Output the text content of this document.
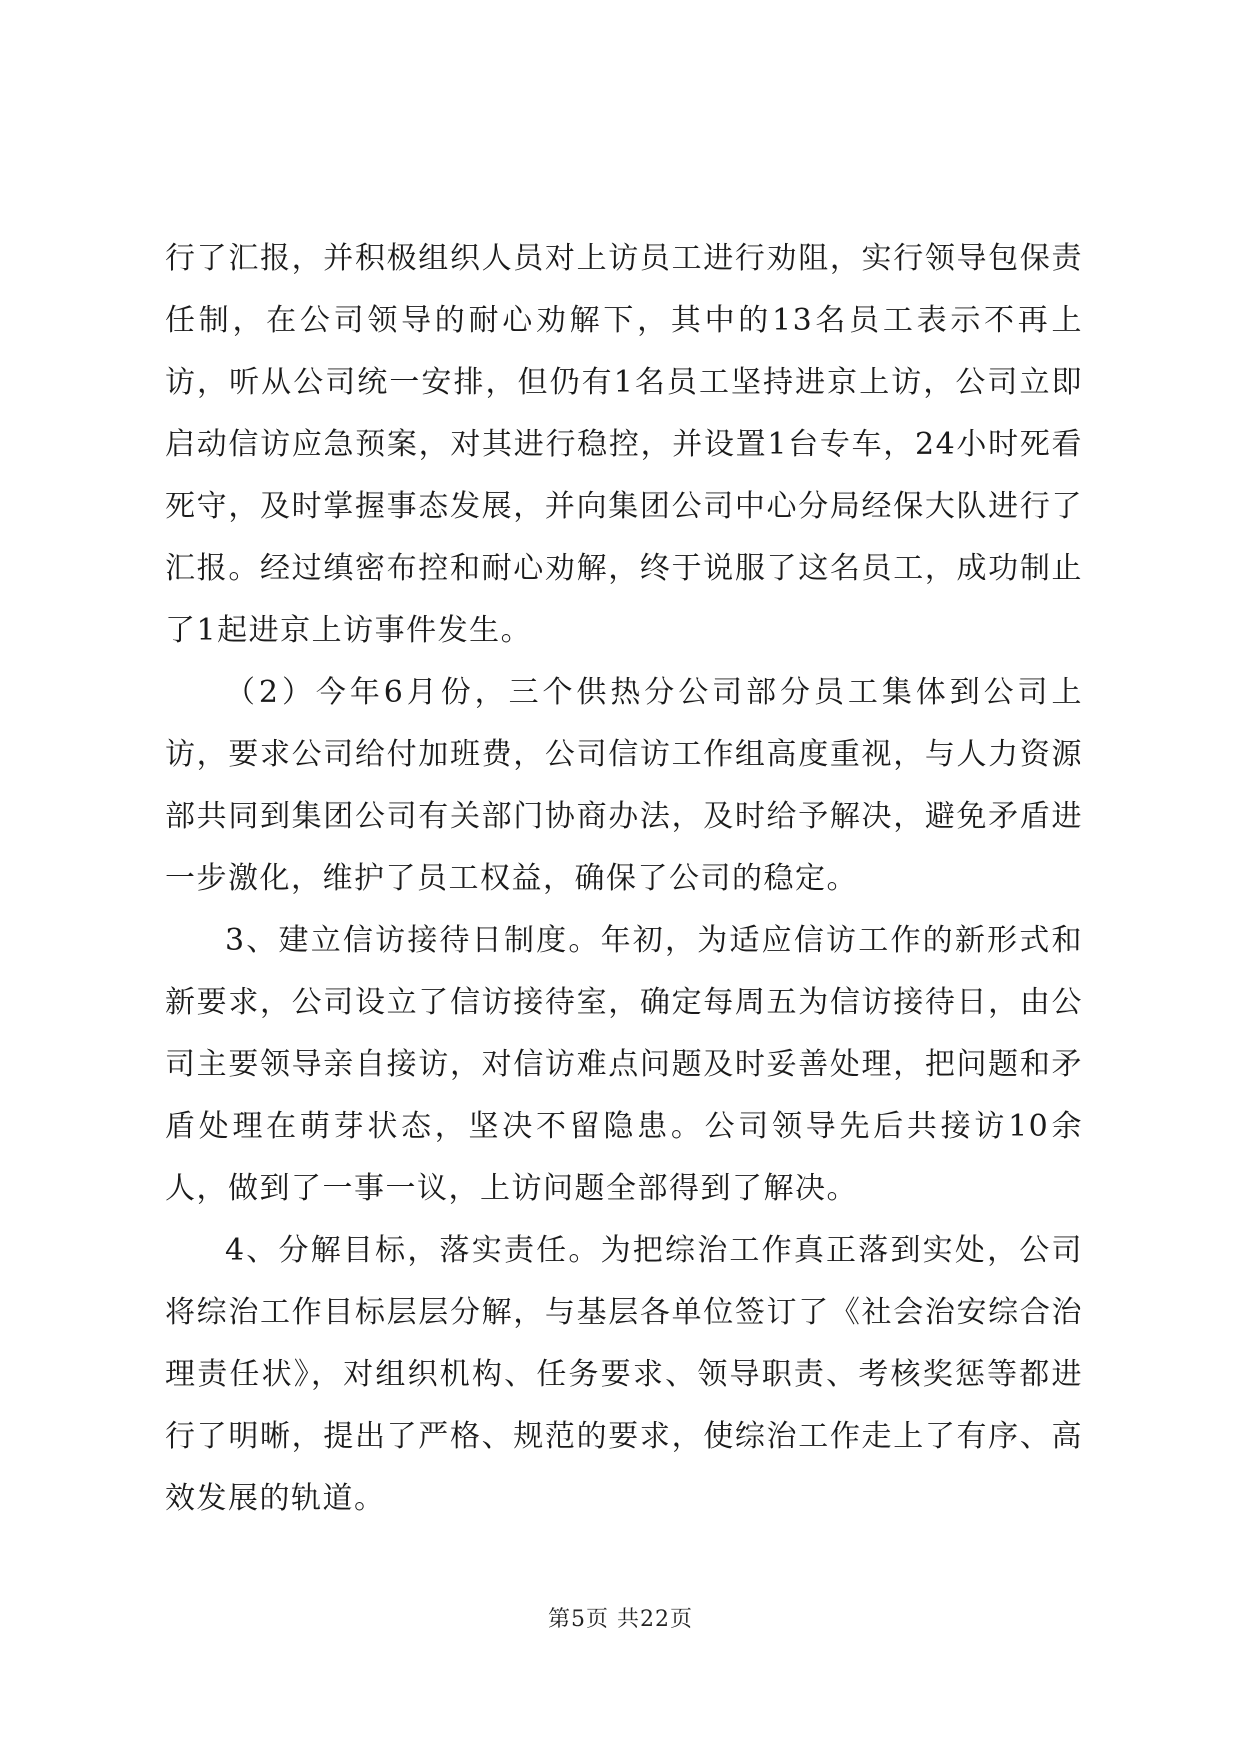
行了汇报，并积极组织人员对上访员工进行劝阻，实行领导包保责任制，在公司领导的耐心劝解下，其中的13名员工表示不再上访，听从公司统一安排，但仍有1名员工坚持进京上访，公司立即启动信访应急预案，对其进行稳控，并设置1台专车，24小时死看死守，及时掌握事态发展，并向集团公司中心分局经保大队进行了汇报。经过缜密布控和耐心劝解，终于说服了这名员工，成功制止了1起进京上访事件发生。

（2）今年6月份，三个供热分公司部分员工集体到公司上访，要求公司给付加班费，公司信访工作组高度重视，与人力资源部共同到集团公司有关部门协商办法，及时给予解决，避免矛盾进一步激化，维护了员工权益，确保了公司的稳定。

3、建立信访接待日制度。年初，为适应信访工作的新形式和新要求，公司设立了信访接待室，确定每周五为信访接待日，由公司主要领导亲自接访，对信访难点问题及时妥善处理，把问题和矛盾处理在萌芽状态，坚决不留隐患。公司领导先后共接访10余人，做到了一事一议，上访问题全部得到了解决。

4、分解目标，落实责任。为把综治工作真正落到实处，公司将综治工作目标层层分解，与基层各单位签订了《社会治安综合治理责任状》，对组织机构、任务要求、领导职责、考核奖惩等都进行了明晰，提出了严格、规范的要求，使综治工作走上了有序、高效发展的轨道。

第5页 共22页
